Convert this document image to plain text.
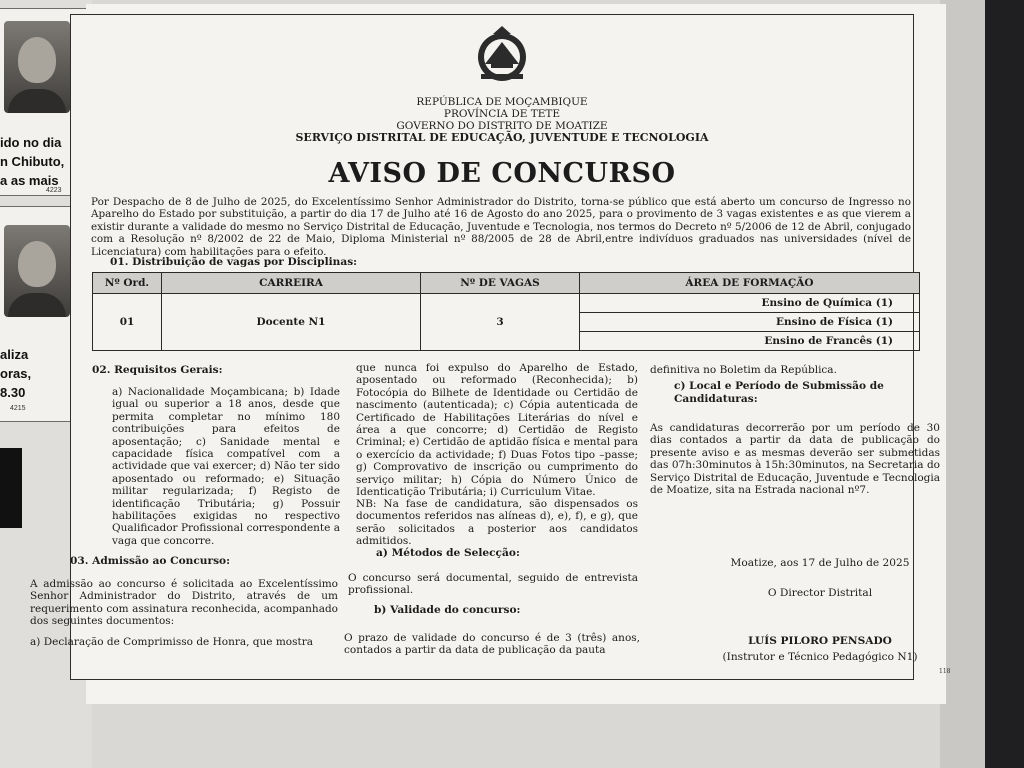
ido no dia
n Chibuto,
a as mais
4223
aliza
oras,
8.30
4215
REPÚBLICA DE MOÇAMBIQUE
PROVÍNCIA DE TETE
GOVERNO DO DISTRITO DE MOATIZE
SERVIÇO DISTRITAL DE EDUCAÇÃO, JUVENTUDE E TECNOLOGIA
AVISO DE CONCURSO
Por Despacho de 8 de Julho de 2025, do Excelentíssimo Senhor Administrador do Distrito, torna-se público que está aberto um concurso de Ingresso no Aparelho do Estado por substituição, a partir do dia 17 de Julho até 16 de Agosto do ano 2025, para o provimento de 3 vagas existentes e as que vierem a existir durante a validade do mesmo no Serviço Distrital de Educação, Juventude e Tecnologia, nos termos do Decreto nº 5/2006 de 12 de Abril, conjugado com a Resolução nº 8/2002 de 22 de Maio, Diploma Ministerial nº 88/2005 de 28 de Abril,entre indivíduos graduados nas universidades (nível de Licenciatura) com habilitações para o efeito.
01. Distribuição de vagas por Disciplinas:
Nº Ord.	CARREIRA	Nº DE VAGAS	ÁREA DE FORMAÇÃO
01	Docente N1	3	Ensino de Química (1)
			Ensino de Física (1)
			Ensino de Francês (1)
02. Requisitos Gerais:
a) Nacionalidade Moçambicana; b) Idade igual ou superior a 18 anos, desde que permita completar no mínimo 180 contribuições para efeitos de aposentação; c) Sanidade mental e capacidade física compatível com a actividade que vai exercer; d) Não ter sido aposentado ou reformado; e) Situação militar regularizada; f) Registo de identificação Tributária; g) Possuir habilitações exigidas no respectivo Qualificador Profissional correspondente a vaga que concorre.
03. Admissão ao Concurso:
A admissão ao concurso é solicitada ao Excelentíssimo Senhor Administrador do Distrito, através de um requerimento com assinatura reconhecida, acompanhado dos seguintes documentos:
a) Declaração de Comprimisso de Honra, que mostra
que nunca foi expulso do Aparelho de Estado, aposentado ou reformado (Reconhecida); b) Fotocópia do Bilhete de Identidade ou Certidão de nascimento (autenticada); c) Cópia autenticada de Certificado de Habilitações Literárias do nível e área a que concorre; d) Certidão de Registo Criminal; e) Certidão de aptidão física e mental para o exercício da actividade; f) Duas Fotos tipo –passe; g) Comprovativo de inscrição ou cumprimento do serviço militar; h) Cópia do Número Único de Identicatição Tributária; i) Curriculum Vitae.
NB: Na fase de candidatura, são dispensados os documentos referidos nas alíneas d), e), f), e g), que serão solicitados a posterior aos candidatos admitidos.
a) Métodos de Selecção:
O concurso será documental, seguido de entrevista profissional.
b) Validade do concurso:
O prazo de validade do concurso é de 3 (três) anos, contados a partir da data de publicação da pauta
definitiva no Boletim da República.
c) Local e Período de Submissão de Candidaturas:
As candidaturas decorrerão por um período de 30 dias contados a partir da data de publicação do presente aviso e as mesmas deverão ser submetidas das 07h:30minutos à 15h:30minutos, na Secretaria do Serviço Distrital de Educação, Juventude e Tecnologia de Moatize, sita na Estrada nacional nº7.
Moatize, aos 17 de Julho de 2025
O Director Distrital
LUÍS PILORO PENSADO
(Instrutor e Técnico Pedagógico N1)
118
